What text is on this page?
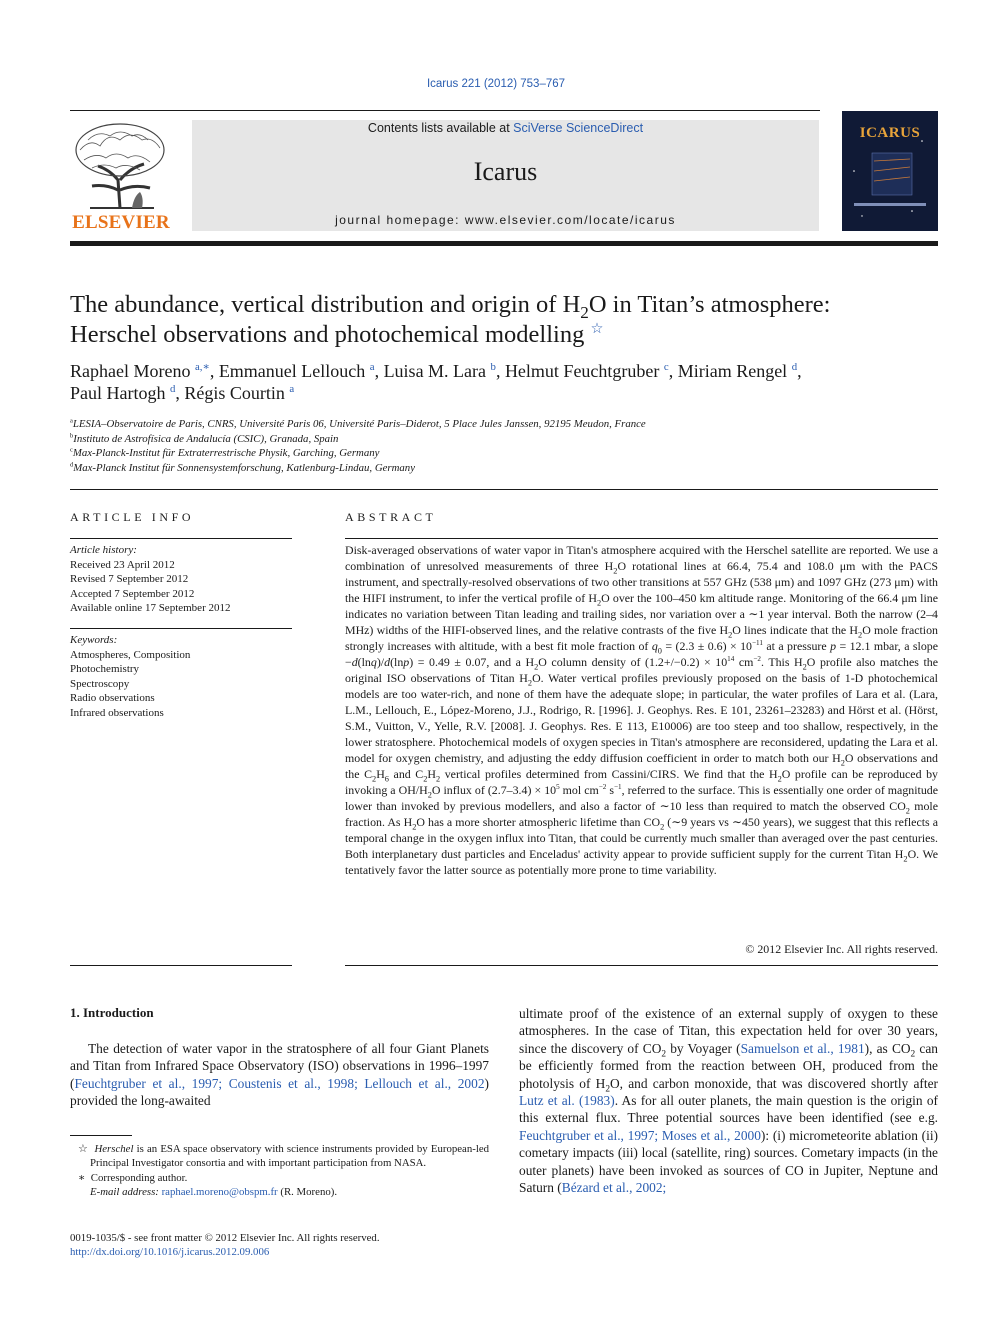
Icarus 221 (2012) 753–767
ELSEVIER
Contents lists available at SciVerse ScienceDirect
Icarus
journal homepage: www.elsevier.com/locate/icarus
ICARUS
The abundance, vertical distribution and origin of $H_2O$ in Titan’s atmosphere:
Herschel observations and photochemical modelling ☆
Raphael Moreno $^{a,∗}$, Emmanuel Lellouch $^a$, Luisa M. Lara $^b$, Helmut Feuchtgruber $^c$, Miriam Rengel $^d$,
Paul Hartogh $^d$, Régis Courtin $^a$
$^a$LESIA–Observatoire de Paris, CNRS, Université Paris 06, Université Paris–Diderot, 5 Place Jules Janssen, 92195 Meudon, France
$^b$Instituto de Astrofísica de Andalucía (CSIC), Granada, Spain
$^c$Max-Planck-Institut für Extraterrestrische Physik, Garching, Germany
$^d$Max-Planck Institut für Sonnensystemforschung, Katlenburg-Lindau, Germany
ARTICLE INFO
Article history:
Received 23 April 2012
Revised 7 September 2012
Accepted 7 September 2012
Available online 17 September 2012
Keywords:
Atmospheres, Composition
Photochemistry
Spectroscopy
Radio observations
Infrared observations
ABSTRACT
Disk-averaged observations of water vapor in Titan's atmosphere acquired with the Herschel satellite are reported. We use a combination of unresolved measurements of three $H_2O$ rotational lines at 66.4, 75.4 and 108.0 μm with the PACS instrument, and spectrally-resolved observations of two other transitions at 557 GHz (538 μm) and 1097 GHz (273 μm) with the HIFI instrument, to infer the vertical profile of $H_2O$ over the 100–450 km altitude range. Monitoring of the 66.4 μm line indicates no variation between Titan leading and trailing sides, nor variation over a ∼1 year interval. Both the narrow (2–4 MHz) widths of the HIFI-observed lines, and the relative contrasts of the five $H_2O$ lines indicate that the $H_2O$ mole fraction strongly increases with altitude, with a best fit mole fraction of $q_0 = (2.3 \pm 0.6) \times 10^{-11}$ at a pressure p = 12.1 mbar, a slope −d(lnq)/d(lnp) = 0.49 ± 0.07, and a $H_2O$ column density of $(1.2+/-0.2) \times 10^{14}$ $cm^{-2}$. This $H_2O$ profile also matches the original ISO observations of Titan $H_2O$. Water vertical profiles previously proposed on the basis of 1-D photochemical models are too water-rich, and none of them have the adequate slope; in particular, the water profiles of Lara et al. (Lara, L.M., Lellouch, E., López-Moreno, J.J., Rodrigo, R. [1996]. J. Geophys. Res. E 101, 23261–23283) and Hörst et al. (Hörst, S.M., Vuitton, V., Yelle, R.V. [2008]. J. Geophys. Res. E 113, E10006) are too steep and too shallow, respectively, in the lower stratosphere. Photochemical models of oxygen species in Titan's atmosphere are reconsidered, updating the Lara et al. model for oxygen chemistry, and adjusting the eddy diffusion coefficient in order to match both our $H_2O$ observations and the $C_2H_6$ and $C_2H_2$ vertical profiles determined from Cassini/CIRS. We find that the $H_2O$ profile can be reproduced by invoking a $OH/H_2O$ influx of $(2.7-3.4) \times 10^5$ mol $cm^{-2}$ $s^{-1}$, referred to the surface. This is essentially one order of magnitude lower than invoked by previous modellers, and also a factor of ∼10 less than required to match the observed $CO_2$ mole fraction. As $H_2O$ has a more shorter atmospheric lifetime than $CO_2$ (∼9 years vs ∼450 years), we suggest that this reflects a temporal change in the oxygen influx into Titan, that could be currently much smaller than averaged over the past centuries. Both interplanetary dust particles and Enceladus' activity appear to provide sufficient supply for the current Titan $H_2O$. We tentatively favor the latter source as potentially more prone to time variability.
© 2012 Elsevier Inc. All rights reserved.
1. Introduction
The detection of water vapor in the stratosphere of all four Giant Planets and Titan from Infrared Space Observatory (ISO) observations in 1996–1997 (Feuchtgruber et al., 1997; Coustenis et al., 1998; Lellouch et al., 2002) provided the long-awaited
ultimate proof of the existence of an external supply of oxygen to these atmospheres. In the case of Titan, this expectation held for over 30 years, since the discovery of $CO_2$ by Voyager (Samuelson et al., 1981), as $CO_2$ can be efficiently formed from the reaction between OH, produced from the photolysis of $H_2O$, and carbon monoxide, that was discovered shortly after Lutz et al. (1983). As for all outer planets, the main question is the origin of this external flux. Three potential sources have been identified (see e.g. Feuchtgruber et al., 1997; Moses et al., 2000): (i) micrometeorite ablation (ii) cometary impacts (iii) local (satellite, ring) sources. Cometary impacts (in the outer planets) have been invoked as sources of CO in Jupiter, Neptune and Saturn (Bézard et al., 2002;
☆ Herschel is an ESA space observatory with science instruments provided by European-led Principal Investigator consortia and with important participation from NASA.
∗ Corresponding author.
E-mail address: raphael.moreno@obspm.fr (R. Moreno).
0019-1035/$ - see front matter © 2012 Elsevier Inc. All rights reserved.
http://dx.doi.org/10.1016/j.icarus.2012.09.006
